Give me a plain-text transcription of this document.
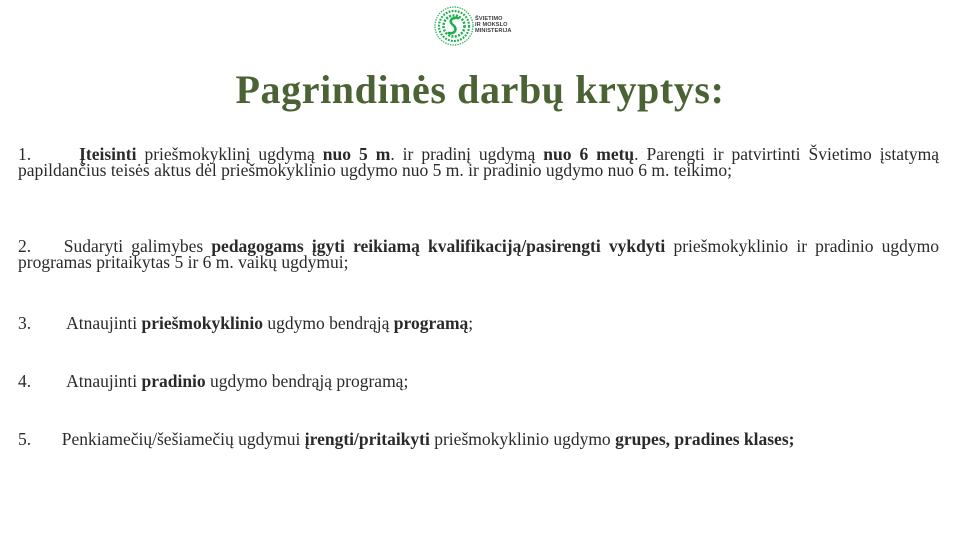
ŠVIETIMO
IR MOKSLO
MINISTERIJA
Pagrindinės darbų kryptys:
1.	Įteisinti priešmokyklinį ugdymą nuo 5 m. ir pradinį ugdymą nuo 6 metų. Parengti ir patvirtinti Švietimo įstatymą papildančius teisės aktus dėl priešmokyklinio ugdymo nuo 5 m. ir pradinio ugdymo nuo 6 m. teikimo;
2. Sudaryti galimybes pedagogams įgyti reikiamą kvalifikaciją/pasirengti vykdyti priešmokyklinio ir pradinio ugdymo programas pritaikytas 5 ir 6 m. vaikų ugdymui;
3. Atnaujinti priešmokyklinio ugdymo bendrąją programą;
4. Atnaujinti pradinio ugdymo bendrąją programą;
5. Penkiamečių/šešiamečių ugdymui įrengti/pritaikyti priešmokyklinio ugdymo grupes, pradines klases;
